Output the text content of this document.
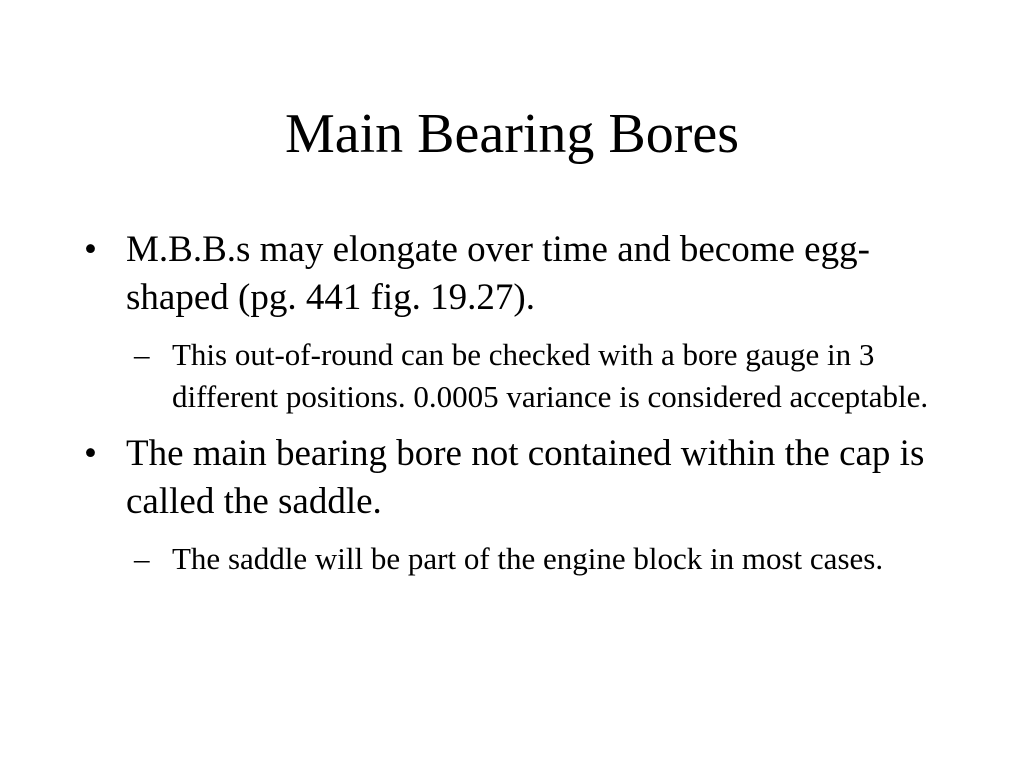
Main Bearing Bores
• M.B.B.s may elongate over time and become egg-shaped (pg. 441 fig. 19.27).
– This out-of-round can be checked with a bore gauge in 3 different positions. 0.0005 variance is considered acceptable.
• The main bearing bore not contained within the cap is called the saddle.
– The saddle will be part of the engine block in most cases.
